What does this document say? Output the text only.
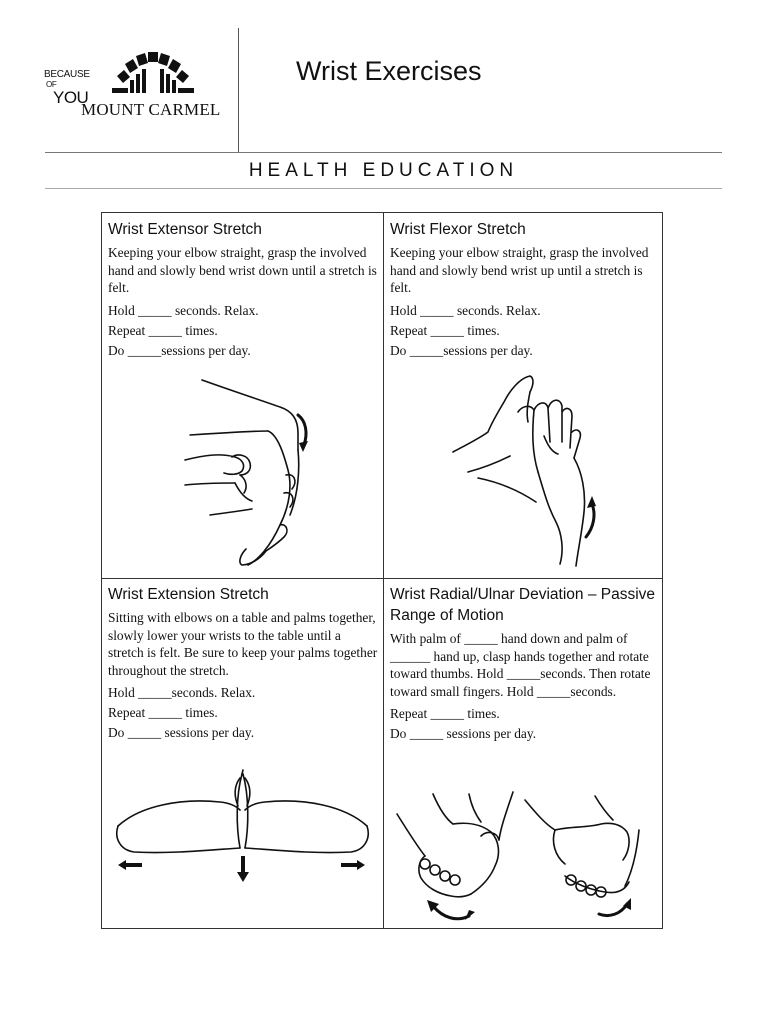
BECAUSE
OF
YOU
MOUNT CARMEL
Wrist Exercises
HEALTH EDUCATION
Wrist Extensor Stretch

Keeping your elbow straight, grasp the involved hand and slowly bend wrist down until a stretch is felt.

Hold _____ seconds. Relax.

Repeat _____ times.

Do _____sessions per day.

Wrist Flexor Stretch

Keeping your elbow straight, grasp the involved hand and slowly bend wrist up until a stretch is felt.

Hold _____ seconds. Relax.

Repeat _____ times.

Do _____sessions per day.

Wrist Extension Stretch

Sitting with elbows on a table and palms together, slowly lower your wrists to the table until a stretch is felt. Be sure to keep your palms together throughout the stretch.

Hold _____seconds. Relax.

Repeat _____ times.

Do _____ sessions per day.

Wrist Radial/Ulnar Deviation – Passive Range of Motion

With palm of _____ hand down and palm of ______ hand up, clasp hands together and rotate toward thumbs. Hold _____seconds. Then rotate toward small fingers. Hold _____seconds.

Repeat _____ times.

Do _____ sessions per day.
